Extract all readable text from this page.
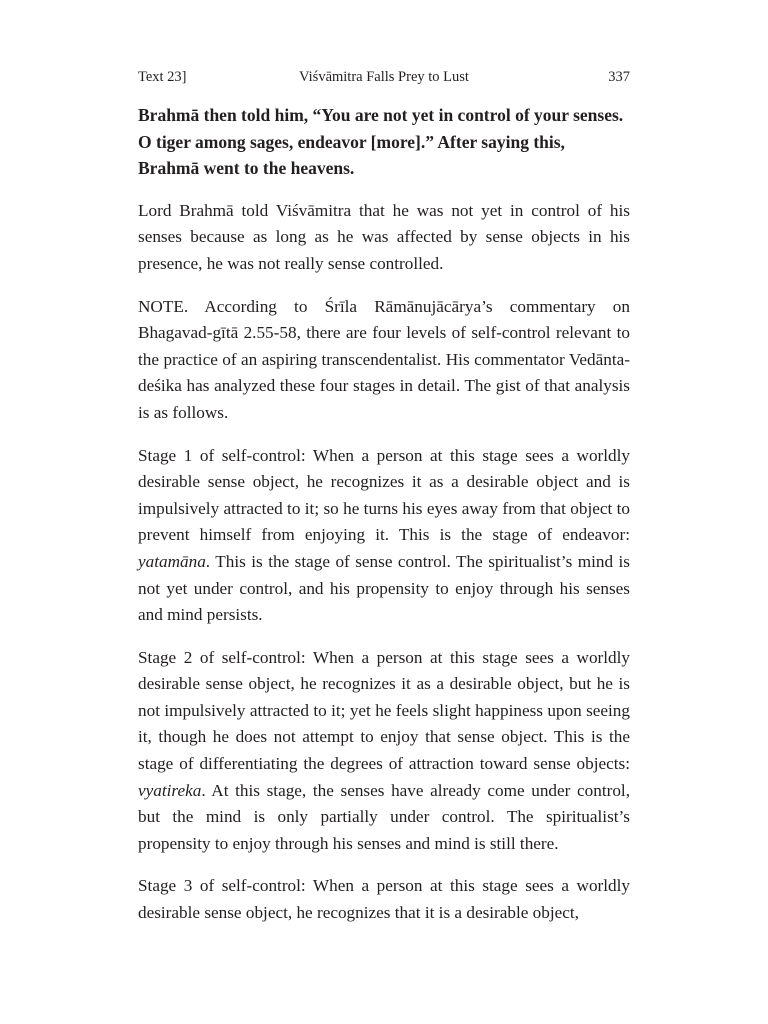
Text 23]	Viśvāmitra Falls Prey to Lust	337
Brahmā then told him, “You are not yet in control of your senses. O tiger among sages, endeavor [more].” After saying this, Brahmā went to the heavens.

Lord Brahmā told Viśvāmitra that he was not yet in control of his senses because as long as he was affected by sense objects in his presence, he was not really sense controlled.

NOTE. According to Śrīla Rāmānujācārya’s commentary on Bhagavad-gītā 2.55-58, there are four levels of self-control relevant to the practice of an aspiring transcendentalist. His commentator Vedānta-deśika has analyzed these four stages in detail. The gist of that analysis is as follows.

Stage 1 of self-control: When a person at this stage sees a worldly desirable sense object, he recognizes it as a desirable object and is impulsively attracted to it; so he turns his eyes away from that object to prevent himself from enjoying it. This is the stage of endeavor: yatamāna. This is the stage of sense control. The spiritualist’s mind is not yet under control, and his propensity to enjoy through his senses and mind persists.

Stage 2 of self-control: When a person at this stage sees a worldly desirable sense object, he recognizes it as a desirable object, but he is not impulsively attracted to it; yet he feels slight happiness upon seeing it, though he does not attempt to enjoy that sense object. This is the stage of differentiating the degrees of attraction toward sense objects: vyatireka. At this stage, the senses have already come under control, but the mind is only partially under control. The spiritualist’s propensity to enjoy through his senses and mind is still there.

Stage 3 of self-control: When a person at this stage sees a worldly desirable sense object, he recognizes that it is a desirable object,
